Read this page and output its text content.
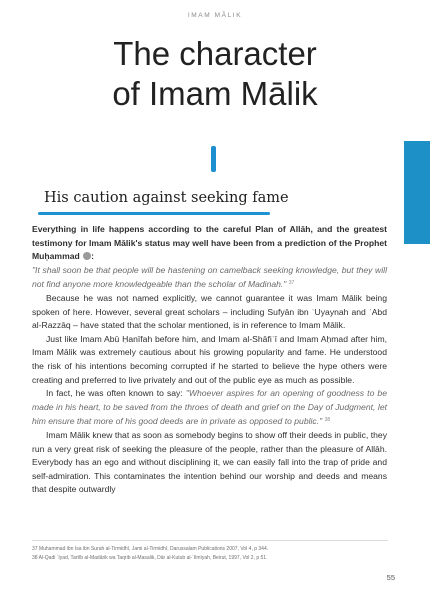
IMAM MĀLIK
The character
of Imam Mālik
His caution against seeking fame

Everything in life happens according to the careful Plan of Allāh, and the greatest testimony for Imam Mālik's status may well have been from a prediction of the Prophet Muḥammad :

"It shall soon be that people will be hastening on camelback seeking knowledge, but they will not find anyone more knowledgeable than the scholar of Madinah." $^{37}$

Because he was not named explicitly, we cannot guarantee it was Imam Mālik being spoken of here. However, several great scholars – including Sufyān ibn ʿUyaynah and ʿAbd al-Razzāq – have stated that the scholar mentioned, is in reference to Imam Mālik.

Just like Imam Abū Ḥanīfah before him, and Imam al-Shāfiʿī and Imam Aḥmad after him, Imam Mālik was extremely cautious about his growing popularity and fame. He understood the risk of his intentions becoming corrupted if he started to believe the hype others were creating and preferred to live privately and out of the public eye as much as possible.

In fact, he was often known to say: "Whoever aspires for an opening of goodness to be made in his heart, to be saved from the throes of death and grief on the Day of Judgment, let him ensure that more of his good deeds are in private as opposed to public." $^{38}$

Imam Mālik knew that as soon as somebody begins to show off their deeds in public, they run a very great risk of seeking the pleasure of the people, rather than the pleasure of Allāh. Everybody has an ego and without disciplining it, we can easily fall into the trap of pride and self-admiration. This contaminates the intention behind our worship and deeds and means that despite outwardly

37 Muhammad ibn Isa ibn Surah al-Tirmidhī, Jami al-Tirmidhī, Darussalam Publications 2007, Vol 4, p 344.
38 Al-Qadi ʿIyad, Tartīb al-Madārik wa Taqrib al-Masalik, Dār al-Kutub al-ʿIlmīyah, Beirut, 1997, Vol 2, p 51.
55
